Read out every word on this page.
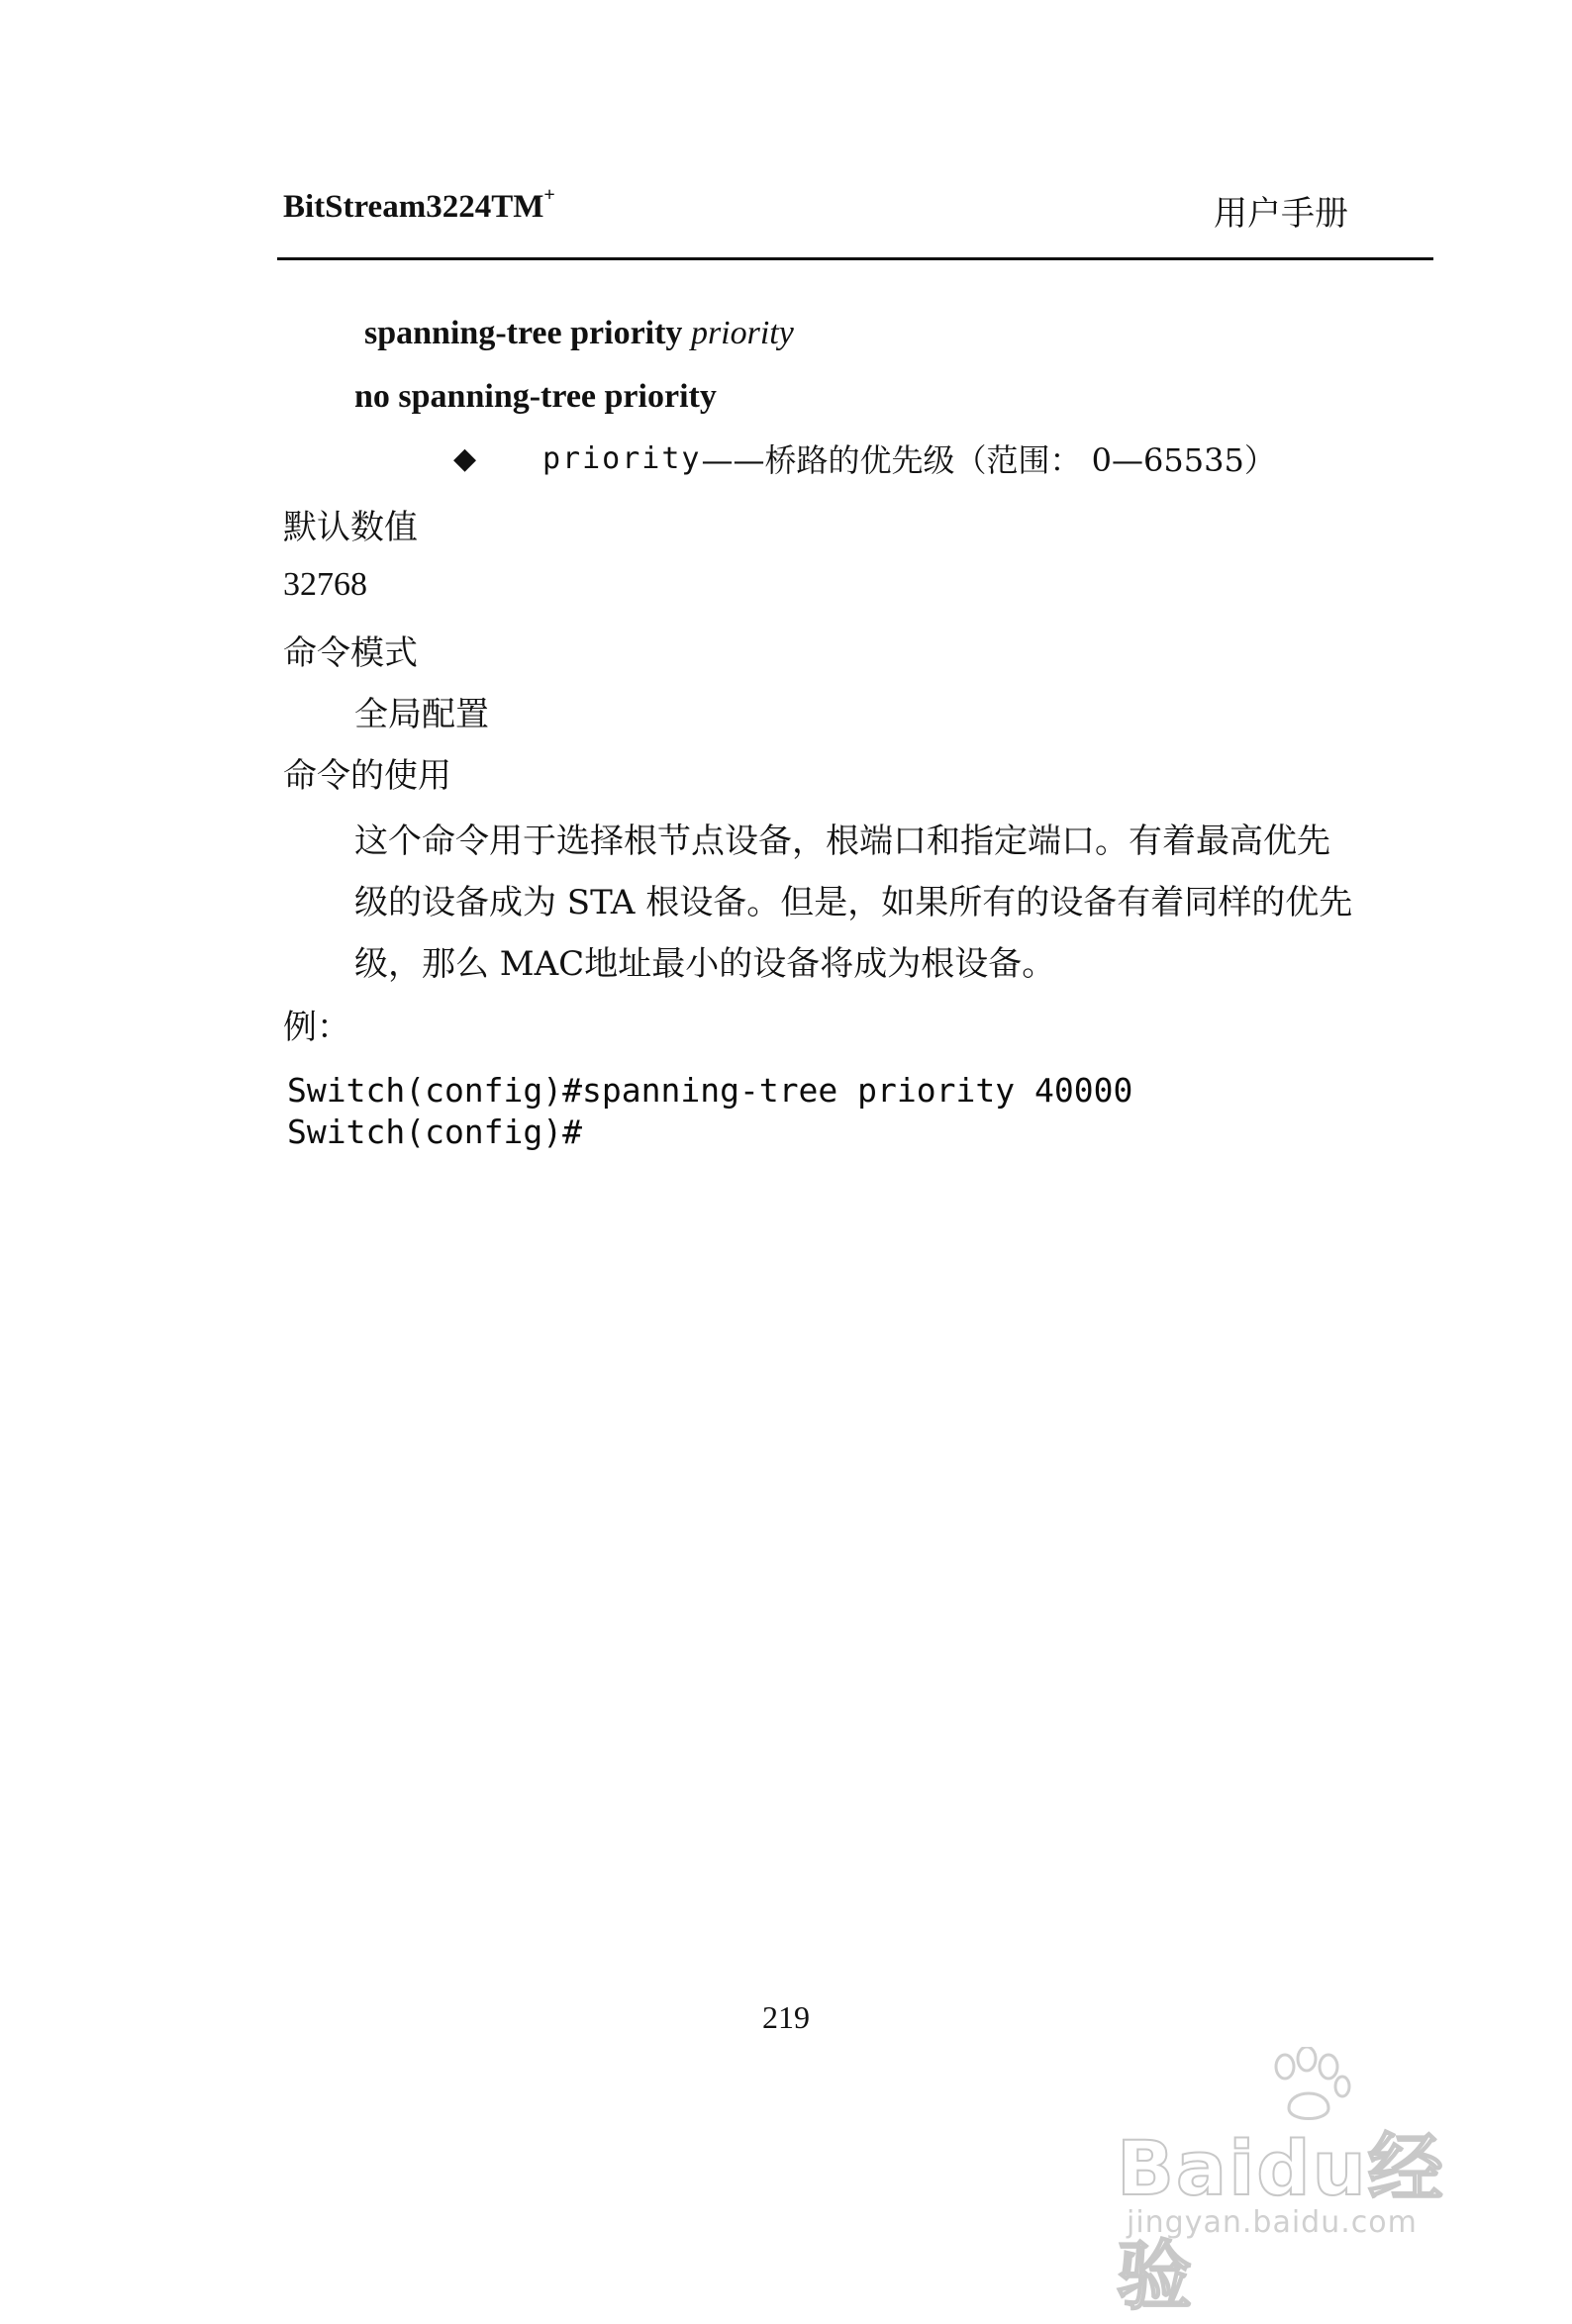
BitStream3224TM+	用户手册
spanning-tree priority priority
no spanning-tree priority
◆	priority ——桥路的优先级（范围： 0—65535）
默认数值
32768
命令模式
全局配置
命令的使用
这个命令用于选择根节点设备，根端口和指定端口。有着最高优先
级的设备成为 STA 根设备。但是，如果所有的设备有着同样的优先
级，那么 MAC地址最小的设备将成为根设备。
例：
Switch(config)#spanning-tree priority 40000
Switch(config)#
219
Baidu经验
jingyan.baidu.com
